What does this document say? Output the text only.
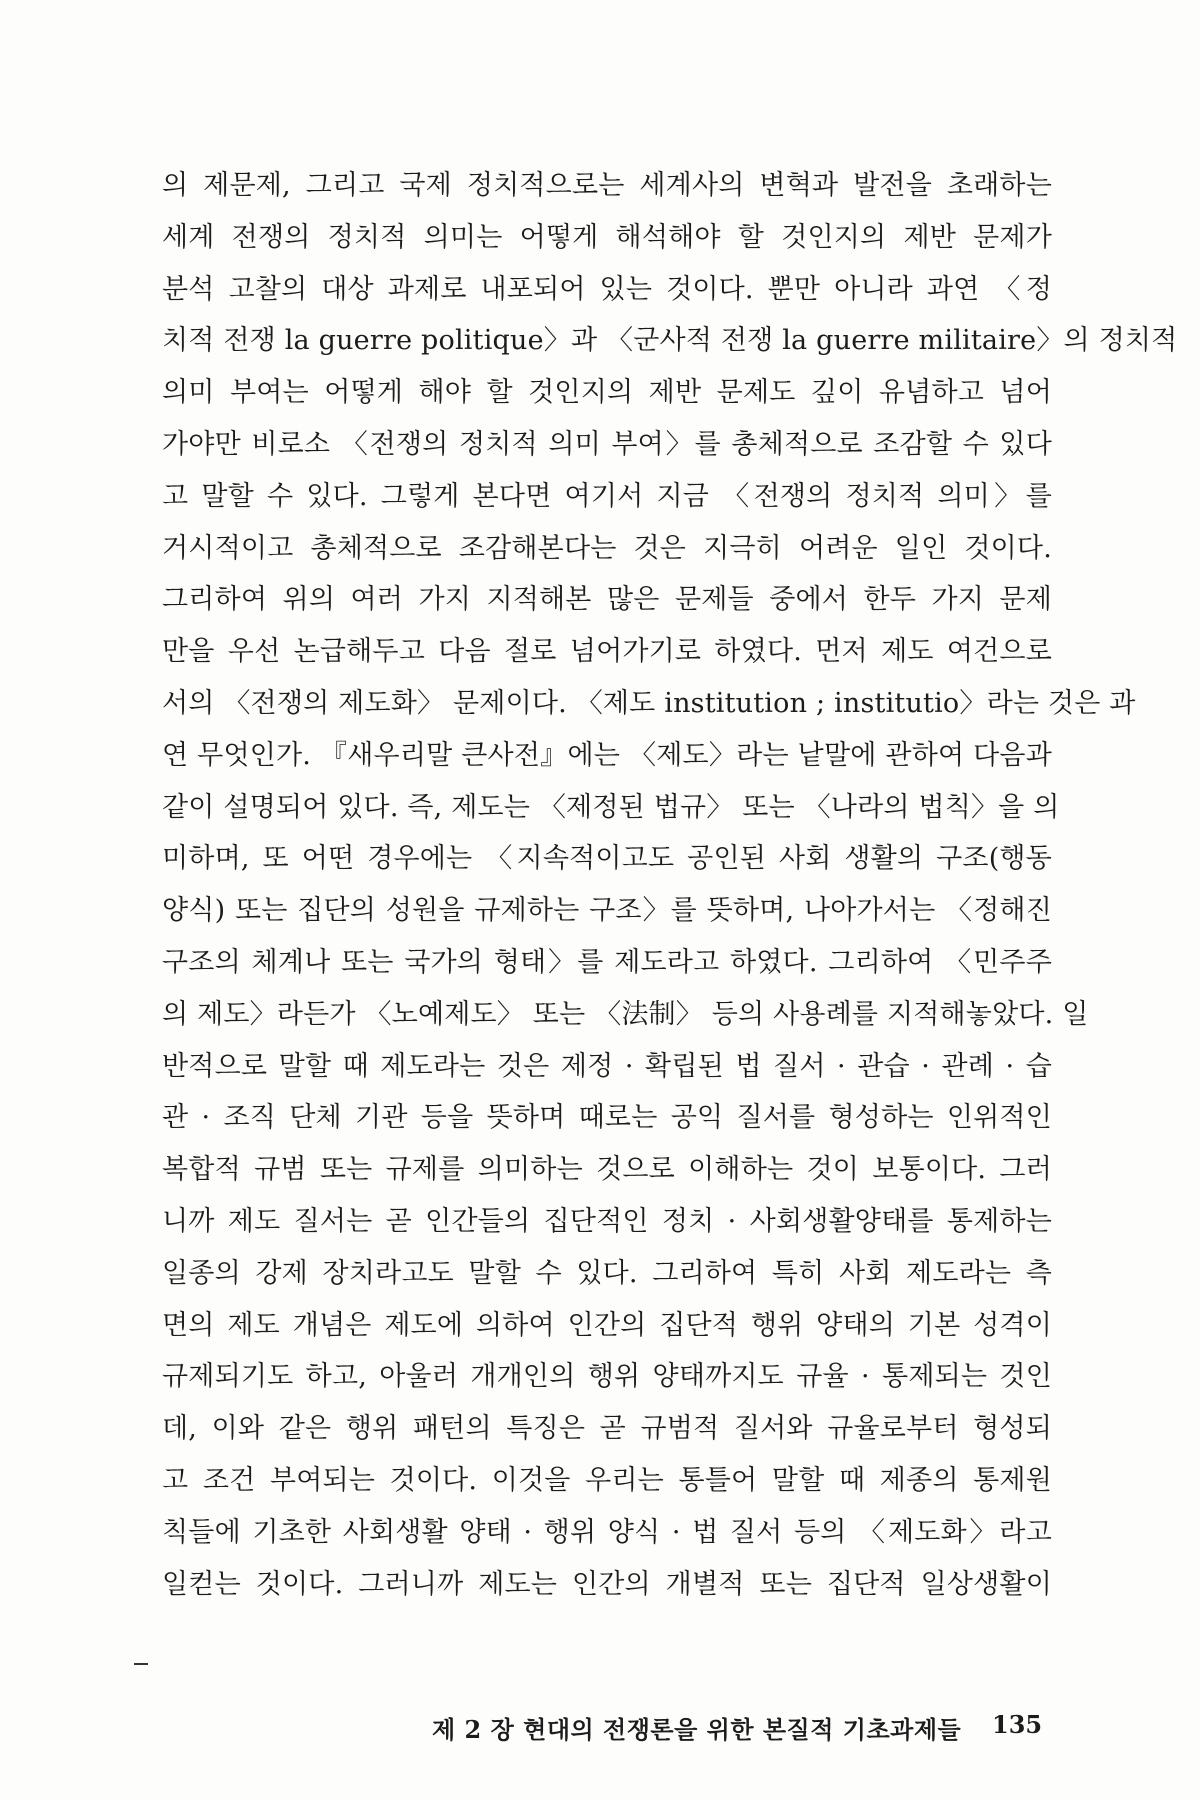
의 제문제, 그리고 국제 정치적으로는 세계사의 변혁과 발전을 초래하는
세계 전쟁의 정치적 의미는 어떻게 해석해야 할 것인지의 제반 문제가
분석 고찰의 대상 과제로 내포되어 있는 것이다. 뿐만 아니라 과연 〈정
치적 전쟁 la guerre politique〉과 〈군사적 전쟁 la guerre militaire〉의 정치적
의미 부여는 어떻게 해야 할 것인지의 제반 문제도 깊이 유념하고 넘어
가야만 비로소 〈전쟁의 정치적 의미 부여〉를 총체적으로 조감할 수 있다
고 말할 수 있다. 그렇게 본다면 여기서 지금 〈전쟁의 정치적 의미〉를
거시적이고 총체적으로 조감해본다는 것은 지극히 어려운 일인 것이다.
그리하여 위의 여러 가지 지적해본 많은 문제들 중에서 한두 가지 문제
만을 우선 논급해두고 다음 절로 넘어가기로 하였다. 먼저 제도 여건으로
서의 〈전쟁의 제도화〉 문제이다. 〈제도 institution ; institutio〉라는 것은 과
연 무엇인가. 『새우리말 큰사전』에는 〈제도〉라는 낱말에 관하여 다음과
같이 설명되어 있다. 즉, 제도는 〈제정된 법규〉 또는 〈나라의 법칙〉을 의
미하며, 또 어떤 경우에는 〈지속적이고도 공인된 사회 생활의 구조(행동
양식) 또는 집단의 성원을 규제하는 구조〉를 뜻하며, 나아가서는 〈정해진
구조의 체계나 또는 국가의 형태〉를 제도라고 하였다. 그리하여 〈민주주
의 제도〉라든가 〈노예제도〉 또는 〈法制〉 등의 사용례를 지적해놓았다. 일
반적으로 말할 때 제도라는 것은 제정 · 확립된 법 질서 · 관습 · 관례 · 습
관 · 조직 단체 기관 등을 뜻하며 때로는 공익 질서를 형성하는 인위적인
복합적 규범 또는 규제를 의미하는 것으로 이해하는 것이 보통이다. 그러
니까 제도 질서는 곧 인간들의 집단적인 정치 · 사회생활양태를 통제하는
일종의 강제 장치라고도 말할 수 있다. 그리하여 특히 사회 제도라는 측
면의 제도 개념은 제도에 의하여 인간의 집단적 행위 양태의 기본 성격이
규제되기도 하고, 아울러 개개인의 행위 양태까지도 규율 · 통제되는 것인
데, 이와 같은 행위 패턴의 특징은 곧 규범적 질서와 규율로부터 형성되
고 조건 부여되는 것이다. 이것을 우리는 통틀어 말할 때 제종의 통제원
칙들에 기초한 사회생활 양태 · 행위 양식 · 법 질서 등의 〈제도화〉라고
일컫는 것이다. 그러니까 제도는 인간의 개별적 또는 집단적 일상생활이
제 2 장 현대의 전쟁론을 위한 본질적 기초과제들 135
